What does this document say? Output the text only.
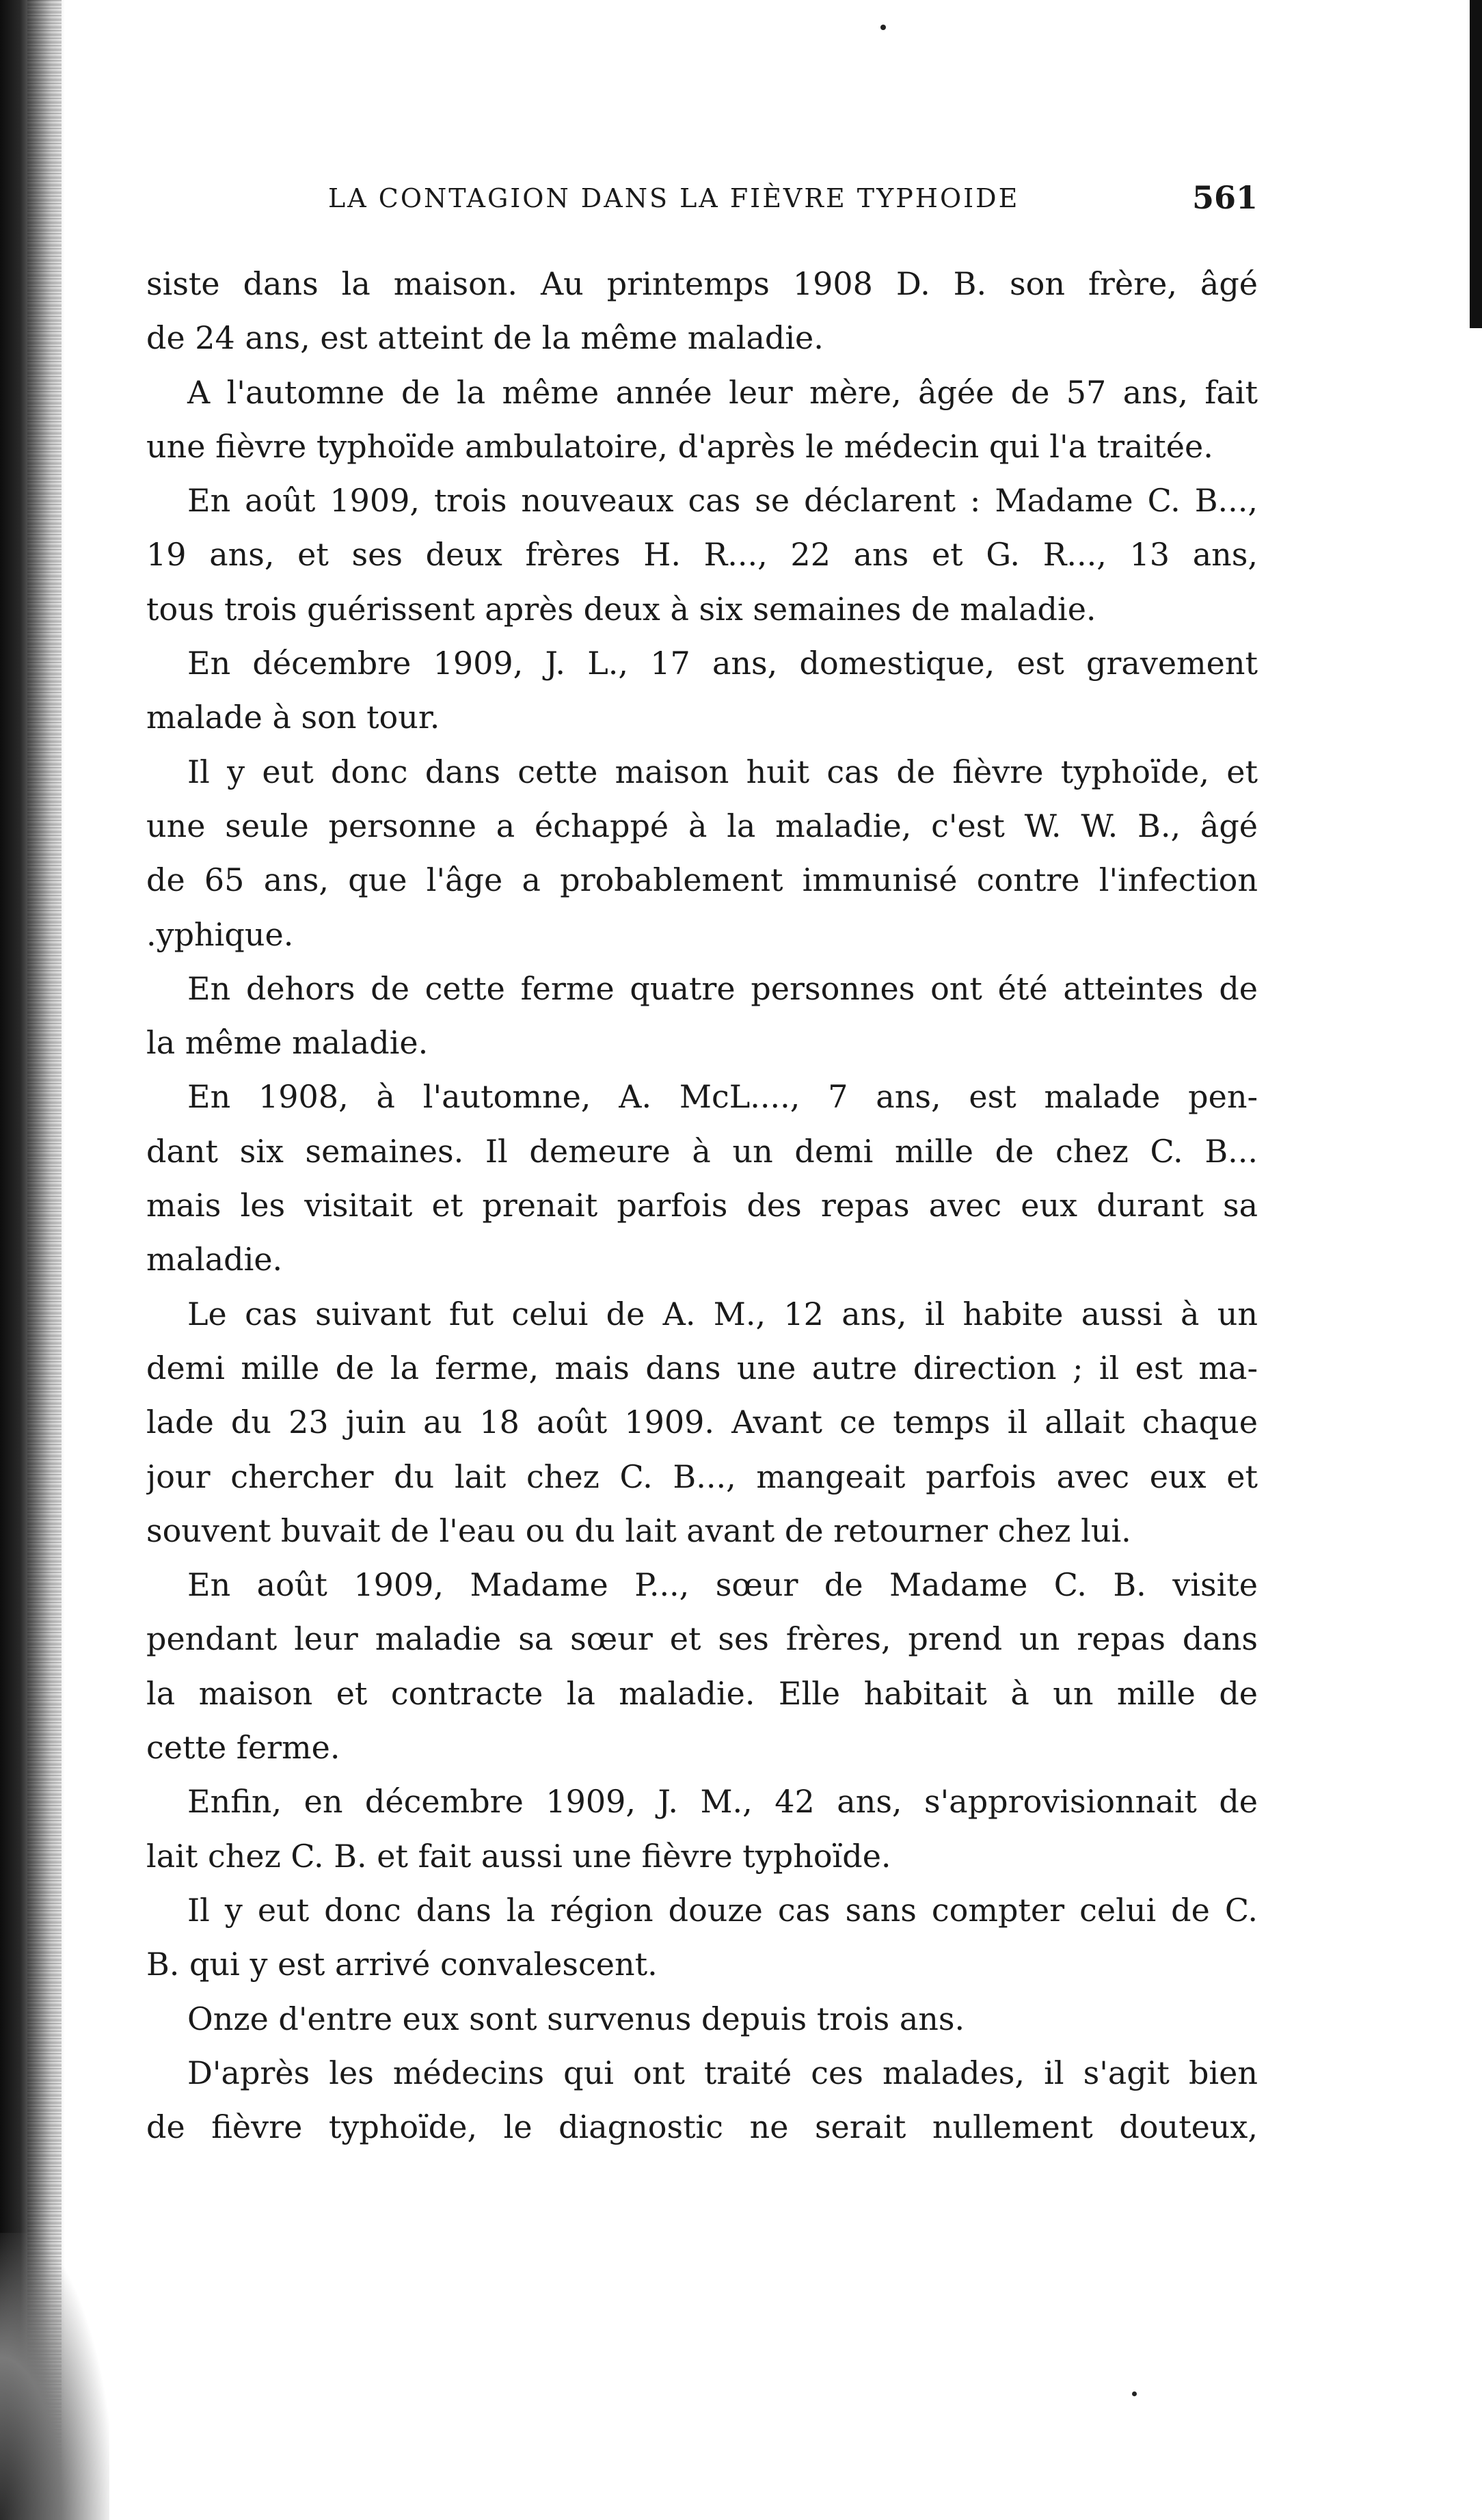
LA CONTAGION DANS LA FIÈVRE TYPHOIDE	561
siste dans la maison. Au printemps 1908 D. B. son frère, âgé
de 24 ans, est atteint de la même maladie.
A l'automne de la même année leur mère, âgée de 57 ans, fait
une fièvre typhoïde ambulatoire, d'après le médecin qui l'a traitée.
En août 1909, trois nouveaux cas se déclarent : Madame C. B...,
19 ans, et ses deux frères H. R..., 22 ans et G. R..., 13 ans,
tous trois guérissent après deux à six semaines de maladie.
En décembre 1909, J. L., 17 ans, domestique, est gravement
malade à son tour.
Il y eut donc dans cette maison huit cas de fièvre typhoïde, et
une seule personne a échappé à la maladie, c'est W. W. B., âgé
de 65 ans, que l'âge a probablement immunisé contre l'infection
.yphique.
En dehors de cette ferme quatre personnes ont été atteintes de
la même maladie.
En 1908, à l'automne, A. McL...., 7 ans, est malade pen-
dant six semaines. Il demeure à un demi mille de chez C. B...
mais les visitait et prenait parfois des repas avec eux durant sa
maladie.
Le cas suivant fut celui de A. M., 12 ans, il habite aussi à un
demi mille de la ferme, mais dans une autre direction ; il est ma-
lade du 23 juin au 18 août 1909. Avant ce temps il allait chaque
jour chercher du lait chez C. B..., mangeait parfois avec eux et
souvent buvait de l'eau ou du lait avant de retourner chez lui.
En août 1909, Madame P..., sœur de Madame C. B. visite
pendant leur maladie sa sœur et ses frères, prend un repas dans
la maison et contracte la maladie. Elle habitait à un mille de
cette ferme.
Enfin, en décembre 1909, J. M., 42 ans, s'approvisionnait de
lait chez C. B. et fait aussi une fièvre typhoïde.
Il y eut donc dans la région douze cas sans compter celui de C.
B. qui y est arrivé convalescent.
Onze d'entre eux sont survenus depuis trois ans.
D'après les médecins qui ont traité ces malades, il s'agit bien
de fièvre typhoïde, le diagnostic ne serait nullement douteux,
